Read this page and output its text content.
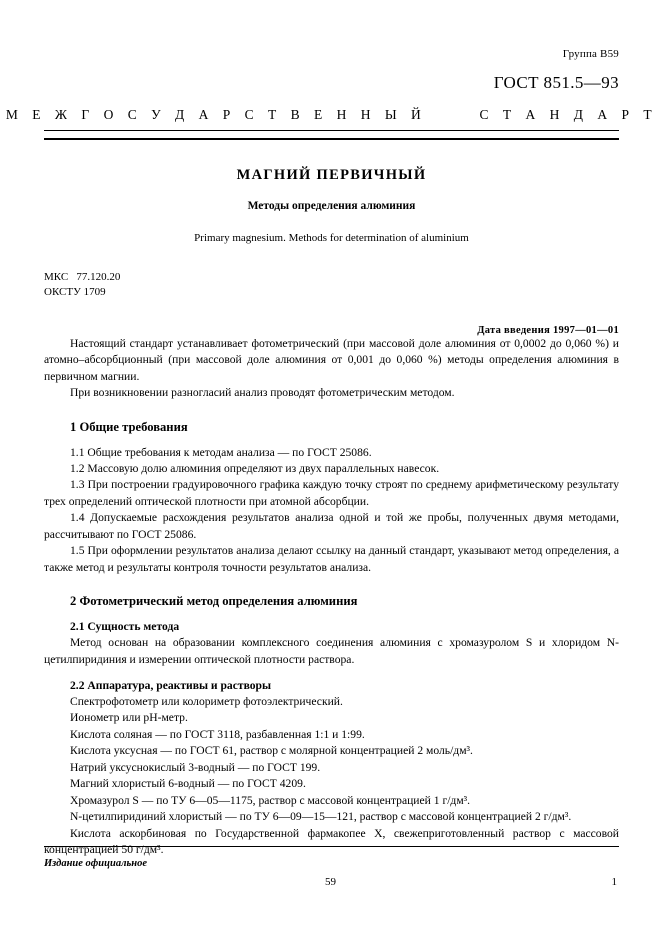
Группа В59
ГОСТ 851.5—93
М Е Ж Г О С У Д А Р С Т В Е Н Н Ы Й      С Т А Н Д А Р Т
МАГНИЙ ПЕРВИЧНЫЙ
Методы определения алюминия
Primary magnesium. Methods for determination of aluminium
МКС   77.120.20
ОКСТУ 1709
Дата введения 1997—01—01

Настоящий стандарт устанавливает фотометрический (при массовой доле алюминия от 0,0002 до 0,060 %) и атомно–абсорбционный (при массовой доле алюминия от 0,001 до 0,060 %) методы определения алюминия в первичном магнии.

При возникновении разногласий анализ проводят фотометрическим методом.

1 Общие требования

1.1 Общие требования к методам анализа — по ГОСТ 25086.

1.2 Массовую долю алюминия определяют из двух параллельных навесок.

1.3 При построении градуировочного графика каждую точку строят по среднему арифметическому результату трех определений оптической плотности при атомной абсорбции.

1.4 Допускаемые расхождения результатов анализа одной и той же пробы, полученных двумя методами, рассчитывают по ГОСТ 25086.

1.5 При оформлении результатов анализа делают ссылку на данный стандарт, указывают метод определения, а также метод и результаты контроля точности результатов анализа.

2 Фотометрический метод определения алюминия
2.1 Сущность метода

Метод основан на образовании комплексного соединения алюминия с хромазуролом S и хлоридом N-цетилпиридиния и измерении оптической плотности раствора.

2.2 Аппаратура, реактивы и растворы

Спектрофотометр или колориметр фотоэлектрический.

Ионометр или рН-метр.

Кислота соляная — по ГОСТ 3118, разбавленная 1:1 и 1:99.

Кислота уксусная — по ГОСТ 61, раствор с молярной концентрацией 2 моль/дм³.

Натрий уксуснокислый 3-водный — по ГОСТ 199.

Магний хлористый 6-водный — по ГОСТ 4209.

Хромазурол S — по ТУ 6—05—1175, раствор с массовой концентрацией 1 г/дм³.

N-цетилпиридиний хлористый — по ТУ 6—09—15—121, раствор с массовой концентрацией 2 г/дм³.

Кислота аскорбиновая по Государственной фармакопее X, свежеприготовленный раствор с массовой концентрацией 50 г/дм³.

Издание официальное
59	1
